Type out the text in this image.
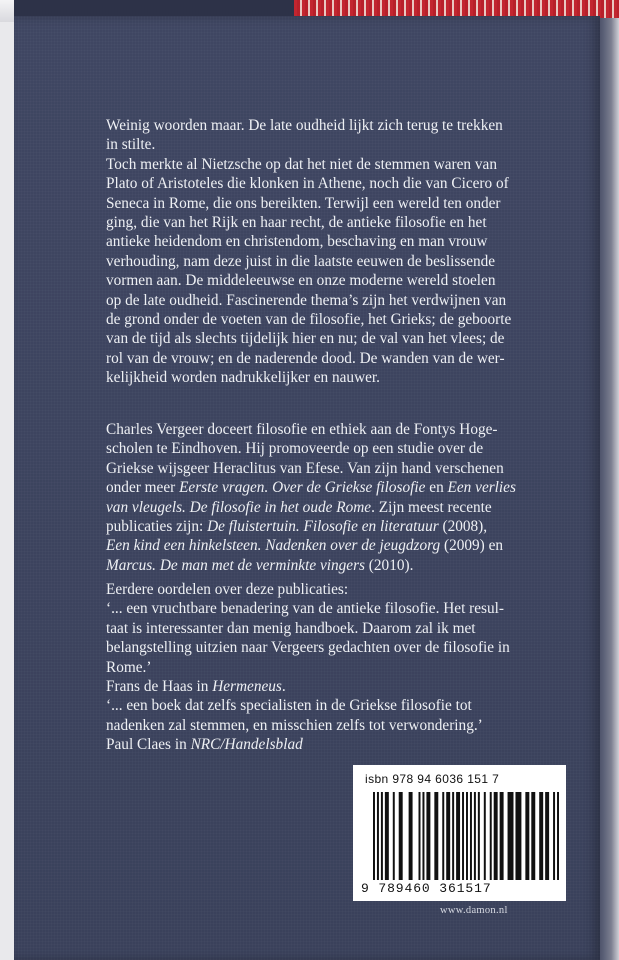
Weinig woorden maar. De late oudheid lijkt zich terug te trekken

in stilte.

Toch merkte al Nietzsche op dat het niet de stemmen waren van

Plato of Aristoteles die klonken in Athene, noch die van Cicero of

Seneca in Rome, die ons bereikten. Terwijl een wereld ten onder

ging, die van het Rijk en haar recht, de antieke filosofie en het

antieke heidendom en christendom, beschaving en man vrouw

verhouding, nam deze juist in die laatste eeuwen de beslissende

vormen aan. De middeleeuwse en onze moderne wereld stoelen

op de late oudheid. Fascinerende thema’s zijn het verdwijnen van

de grond onder de voeten van de filosofie, het Grieks; de geboorte

van de tijd als slechts tijdelijk hier en nu; de val van het vlees; de

rol van de vrouw; en de naderende dood. De wanden van de wer-

kelijkheid worden nadrukkelijker en nauwer.

Charles Vergeer doceert filosofie en ethiek aan de Fontys Hoge-

scholen te Eindhoven. Hij promoveerde op een studie over de

Griekse wijsgeer Heraclitus van Efese. Van zijn hand verschenen

onder meer Eerste vragen. Over de Griekse filosofie en Een verlies

van vleugels. De filosofie in het oude Rome. Zijn meest recente

publicaties zijn: De fluistertuin. Filosofie en literatuur (2008),

Een kind een hinkelsteen. Nadenken over de jeugdzorg (2009) en

Marcus. De man met de verminkte vingers (2010).

Eerdere oordelen over deze publicaties:

‘... een vruchtbare benadering van de antieke filosofie. Het resul-

taat is interessanter dan menig handboek. Daarom zal ik met

belangstelling uitzien naar Vergeers gedachten over de filosofie in

Rome.’

Frans de Haas in Hermeneus.

‘... een boek dat zelfs specialisten in de Griekse filosofie tot

nadenken zal stemmen, en misschien zelfs tot verwondering.’

Paul Claes in NRC/Handelsblad

isbn 978 94 6036 151 7
9 789460 361517
www.damon.nl
